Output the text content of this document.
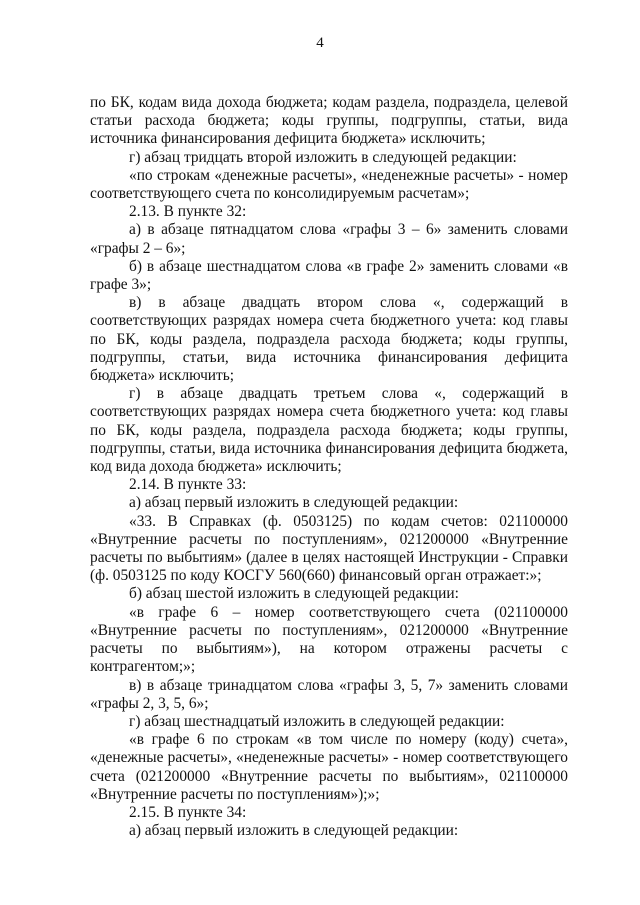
4

по БК, кодам вида дохода бюджета; кодам раздела, подраздела, целевой статьи расхода бюджета; коды группы, подгруппы, статьи, вида источника финансирования дефицита бюджета» исключить;

г) абзац тридцать второй изложить в следующей редакции:

«по строкам «денежные расчеты», «неденежные расчеты» - номер соответствующего счета по консолидируемым расчетам»;

2.13. В пункте 32:

а) в абзаце пятнадцатом слова «графы 3 – 6» заменить словами «графы 2 – 6»;

б) в абзаце шестнадцатом слова «в графе 2» заменить словами «в графе 3»;

в) в абзаце двадцать втором слова «, содержащий в соответствующих разрядах номера счета бюджетного учета: код главы по БК, коды раздела, подраздела расхода бюджета; коды группы, подгруппы, статьи, вида источника финансирования дефицита бюджета» исключить;

г) в абзаце двадцать третьем слова «, содержащий в соответствующих разрядах номера счета бюджетного учета: код главы по БК, коды раздела, подраздела расхода бюджета; коды группы, подгруппы, статьи, вида источника финансирования дефицита бюджета, код вида дохода бюджета» исключить;

2.14. В пункте 33:

а) абзац первый изложить в следующей редакции:

«33. В Справках (ф. 0503125) по кодам счетов: 021100000 «Внутренние расчеты по поступлениям», 021200000 «Внутренние расчеты по выбытиям» (далее в целях настоящей Инструкции - Справки (ф. 0503125 по коду КОСГУ 560(660) финансовый орган отражает:»;

б) абзац шестой изложить в следующей редакции:

«в графе 6 – номер соответствующего счета (021100000 «Внутренние расчеты по поступлениям», 021200000 «Внутренние расчеты по выбытиям»), на котором отражены расчеты с контрагентом;»;

в) в абзаце тринадцатом слова «графы 3, 5, 7» заменить словами «графы 2, 3, 5, 6»;

г) абзац шестнадцатый изложить в следующей редакции:

«в графе 6 по строкам «в том числе по номеру (коду) счета», «денежные расчеты», «неденежные расчеты» - номер соответствующего счета (021200000 «Внутренние расчеты по выбытиям», 021100000 «Внутренние расчеты по поступлениям»);»;

2.15. В пункте 34:

а) абзац первый изложить в следующей редакции:
